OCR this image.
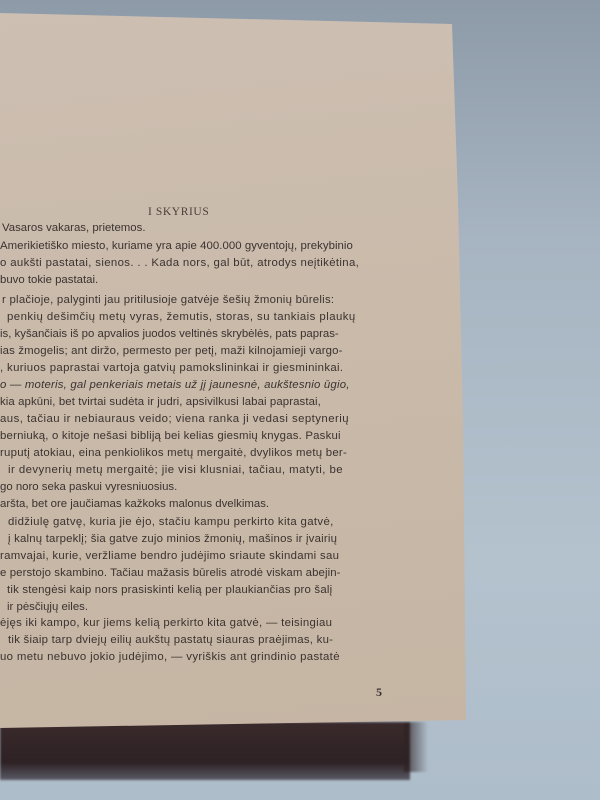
I SKYRIUS
Vasaros vakaras, prietemos.
Amerikietiško miesto, kuriame yra apie 400.000 gyventojų, prekybinio
o aukšti pastatai, sienos. . . Kada nors, gal būt, atrodys neįtikėtina,
buvo tokie pastatai.
r plačioje, palyginti jau pritilusioje gatvėje šešių žmonių būrelis:
penkių dešimčių metų vyras, žemutis, storas, su tankiais plaukų
is, kyšančiais iš po apvalios juodos veltinės skrybėlės, pats papras-
ias žmogelis; ant diržo, permesto per petį, maži kilnojamieji vargo-
, kuriuos paprastai vartoja gatvių pamokslininkai ir giesmininkai.
o — moteris, gal penkeriais metais už jį jaunesnė, aukštesnio ūgio,
kia apkūni, bet tvirtai sudėta ir judri, apsivilkusi labai paprastai,
aus, tačiau ir nebiauraus veido; viena ranka ji vedasi septynerių
berniuką, o kitoje nešasi bibliją bei kelias giesmių knygas. Paskui
ruputį atokiau, eina penkiolikos metų mergaitė, dvylikos metų ber-
ir devynerių metų mergaitė; jie visi klusniai, tačiau, matyti, be
go noro seka paskui vyresniuosius.
aršta, bet ore jaučiamas kažkoks malonus dvelkimas.
didžiulę gatvę, kuria jie ėjo, stačiu kampu perkirto kita gatvė,
į kalnų tarpeklį; šia gatve zujo minios žmonių, mašinos ir įvairių
ramvajai, kurie, veržliame bendro judėjimo sriaute skindami sau
e perstojo skambino. Tačiau mažasis būrelis atrodė viskam abejin-
tik stengėsi kaip nors prasiskinti kelią per plaukiančias pro šalį
ir pėsčiųjų eiles.
ėjęs iki kampo, kur jiems kelią perkirto kita gatvė, — teisingiau
tik šiaip tarp dviejų eilių aukštų pastatų siauras praėjimas, ku-
uo metu nebuvo jokio judėjimo, — vyriškis ant grindinio pastatė
5
